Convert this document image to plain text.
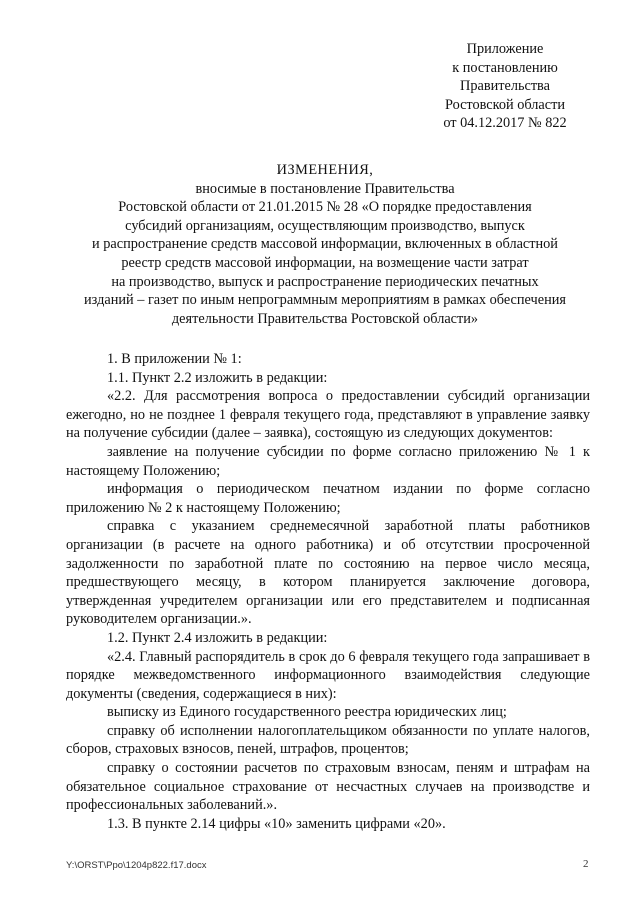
Приложение
к постановлению
Правительства
Ростовской области
от 04.12.2017 № 822
ИЗМЕНЕНИЯ,
вносимые в постановление Правительства
Ростовской области от 21.01.2015 № 28 «О порядке предоставления
субсидий организациям, осуществляющим производство, выпуск
и распространение средств массовой информации, включенных в областной
реестр средств массовой информации, на возмещение части затрат
на производство, выпуск и распространение периодических печатных
изданий – газет по иным непрограммным мероприятиям в рамках обеспечения
деятельности Правительства Ростовской области»

1. В приложении № 1:

1.1. Пункт 2.2 изложить в редакции:

«2.2. Для рассмотрения вопроса о предоставлении субсидий организации ежегодно, но не позднее 1 февраля текущего года, представляют в управление заявку на получение субсидии (далее – заявка), состоящую из следующих документов:

заявление на получение субсидии по форме согласно приложению № 1 к настоящему Положению;

информация о периодическом печатном издании по форме согласно приложению № 2 к настоящему Положению;

справка с указанием среднемесячной заработной платы работников организации (в расчете на одного работника) и об отсутствии просроченной задолженности по заработной плате по состоянию на первое число месяца, предшествующего месяцу, в котором планируется заключение договора, утвержденная учредителем организации или его представителем и подписанная руководителем организации.».

1.2. Пункт 2.4 изложить в редакции:

«2.4. Главный распорядитель в срок до 6 февраля текущего года запрашивает в порядке межведомственного информационного взаимодействия следующие документы (сведения, содержащиеся в них):

выписку из Единого государственного реестра юридических лиц;

справку об исполнении налогоплательщиком обязанности по уплате налогов, сборов, страховых взносов, пеней, штрафов, процентов;

справку о состоянии расчетов по страховым взносам, пеням и штрафам на обязательное социальное страхование от несчастных случаев на производстве и профессиональных заболеваний.».

1.3. В пункте 2.14 цифры «10» заменить цифрами «20».

Y:\ORST\Ppo\1204p822.f17.docx	2
